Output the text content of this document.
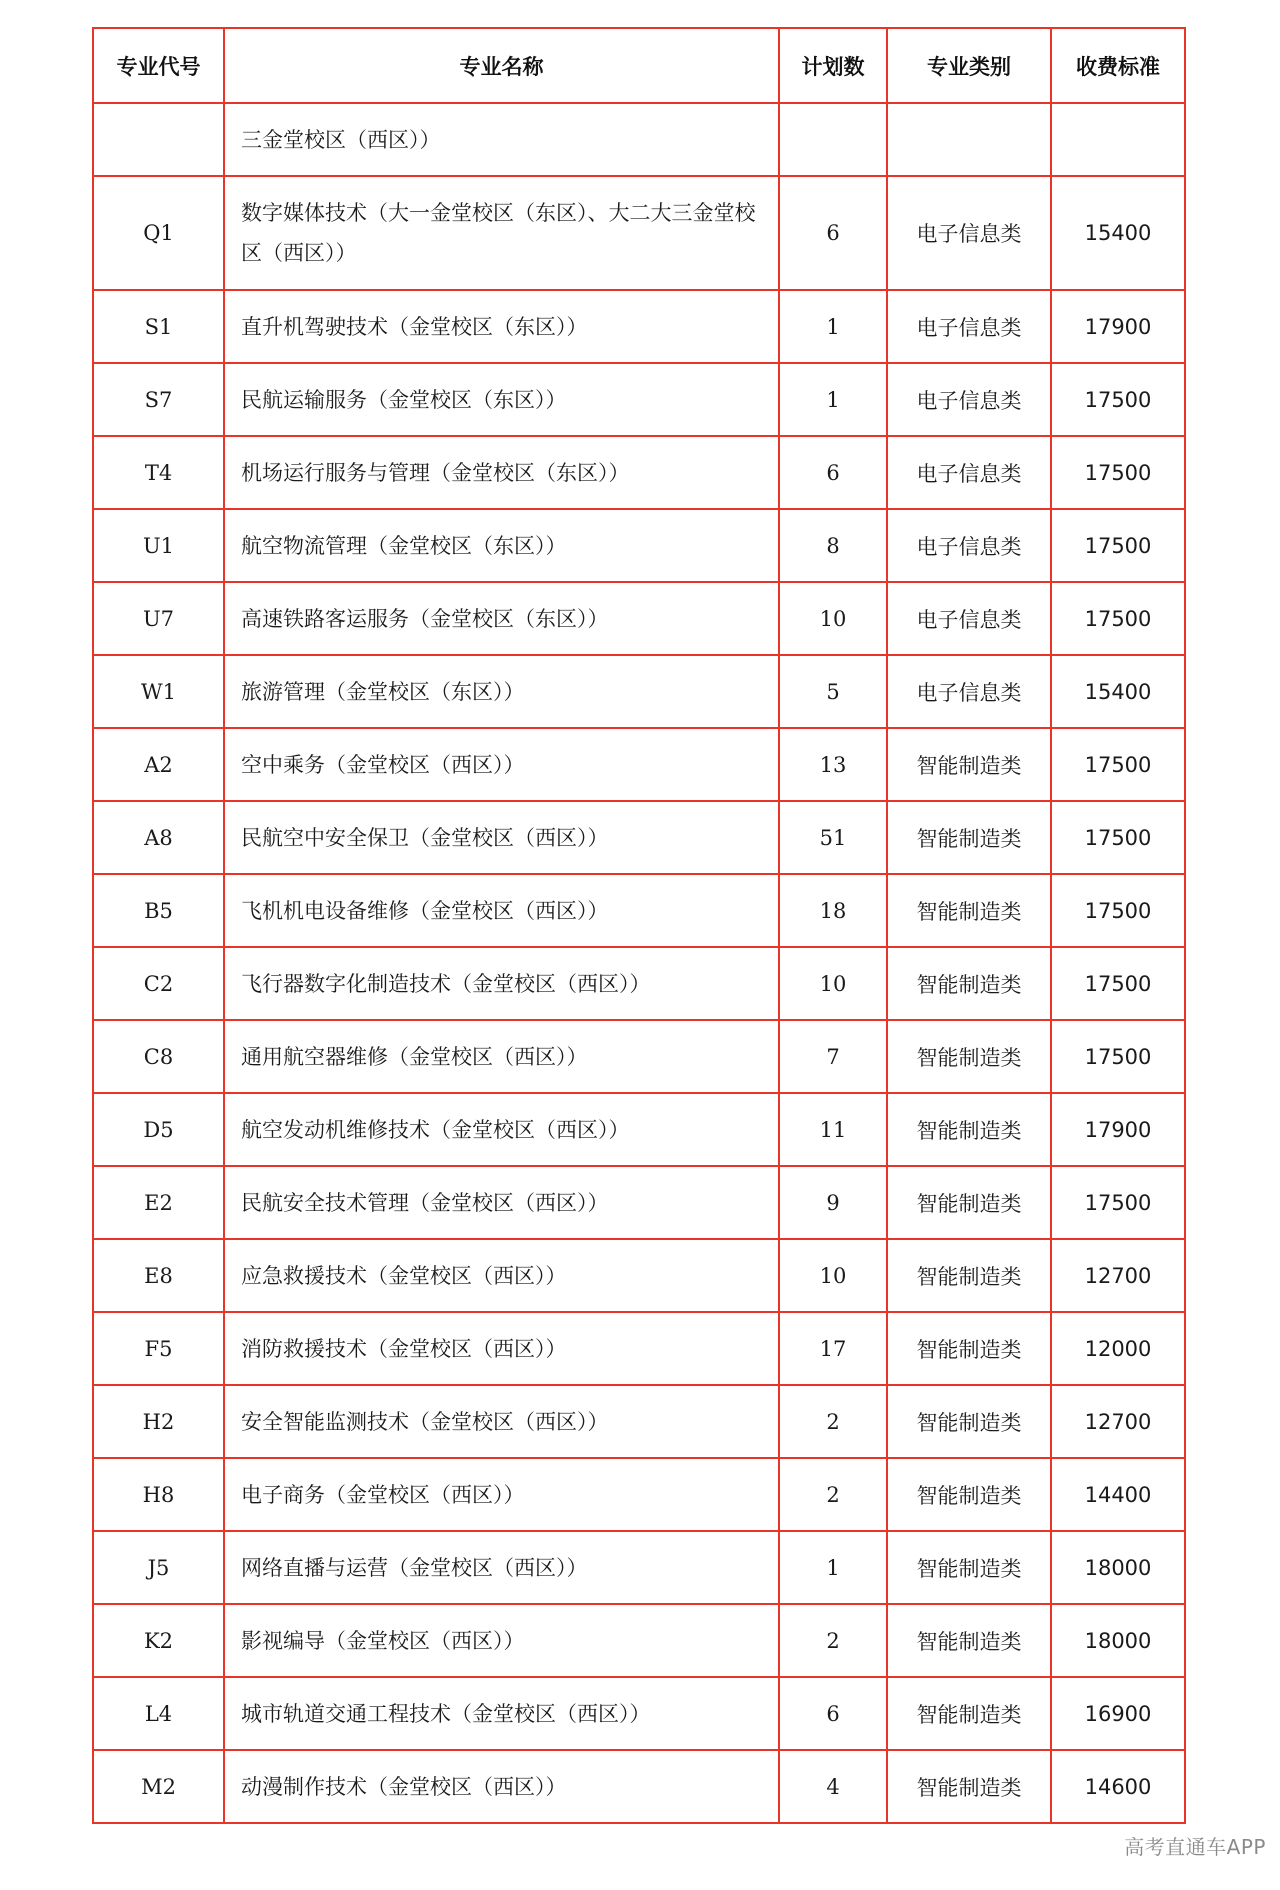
专业代号	专业名称	计划数	专业类别	收费标准
	三金堂校区（西区））			
Q1	数字媒体技术（大一金堂校区（东区）、大二大三金堂校区（西区））	6	电子信息类	15400
S1	直升机驾驶技术（金堂校区（东区））	1	电子信息类	17900
S7	民航运输服务（金堂校区（东区））	1	电子信息类	17500
T4	机场运行服务与管理（金堂校区（东区））	6	电子信息类	17500
U1	航空物流管理（金堂校区（东区））	8	电子信息类	17500
U7	高速铁路客运服务（金堂校区（东区））	10	电子信息类	17500
W1	旅游管理（金堂校区（东区））	5	电子信息类	15400
A2	空中乘务（金堂校区（西区））	13	智能制造类	17500
A8	民航空中安全保卫（金堂校区（西区））	51	智能制造类	17500
B5	飞机机电设备维修（金堂校区（西区））	18	智能制造类	17500
C2	飞行器数字化制造技术（金堂校区（西区））	10	智能制造类	17500
C8	通用航空器维修（金堂校区（西区））	7	智能制造类	17500
D5	航空发动机维修技术（金堂校区（西区））	11	智能制造类	17900
E2	民航安全技术管理（金堂校区（西区））	9	智能制造类	17500
E8	应急救援技术（金堂校区（西区））	10	智能制造类	12700
F5	消防救援技术（金堂校区（西区））	17	智能制造类	12000
H2	安全智能监测技术（金堂校区（西区））	2	智能制造类	12700
H8	电子商务（金堂校区（西区））	2	智能制造类	14400
J5	网络直播与运营（金堂校区（西区））	1	智能制造类	18000
K2	影视编导（金堂校区（西区））	2	智能制造类	18000
L4	城市轨道交通工程技术（金堂校区（西区））	6	智能制造类	16900
M2	动漫制作技术（金堂校区（西区））	4	智能制造类	14600
高考直通车APP
